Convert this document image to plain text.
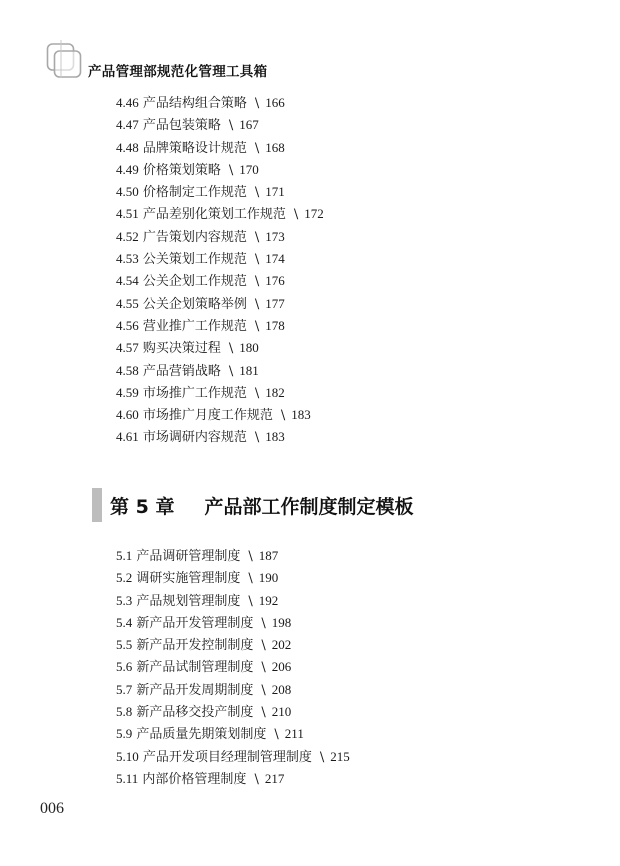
产品管理部规范化管理工具箱
4.46 产品结构组合策略 \ 166
4.47 产品包装策略 \ 167
4.48 品牌策略设计规范 \ 168
4.49 价格策划策略 \ 170
4.50 价格制定工作规范 \ 171
4.51 产品差别化策划工作规范 \ 172
4.52 广告策划内容规范 \ 173
4.53 公关策划工作规范 \ 174
4.54 公关企划工作规范 \ 176
4.55 公关企划策略举例 \ 177
4.56 营业推广工作规范 \ 178
4.57 购买决策过程 \ 180
4.58 产品营销战略 \ 181
4.59 市场推广工作规范 \ 182
4.60 市场推广月度工作规范 \ 183
4.61 市场调研内容规范 \ 183
第 5 章 产品部工作制度制定模板
5.1 产品调研管理制度 \ 187
5.2 调研实施管理制度 \ 190
5.3 产品规划管理制度 \ 192
5.4 新产品开发管理制度 \ 198
5.5 新产品开发控制制度 \ 202
5.6 新产品试制管理制度 \ 206
5.7 新产品开发周期制度 \ 208
5.8 新产品移交投产制度 \ 210
5.9 产品质量先期策划制度 \ 211
5.10 产品开发项目经理制管理制度 \ 215
5.11 内部价格管理制度 \ 217
006
